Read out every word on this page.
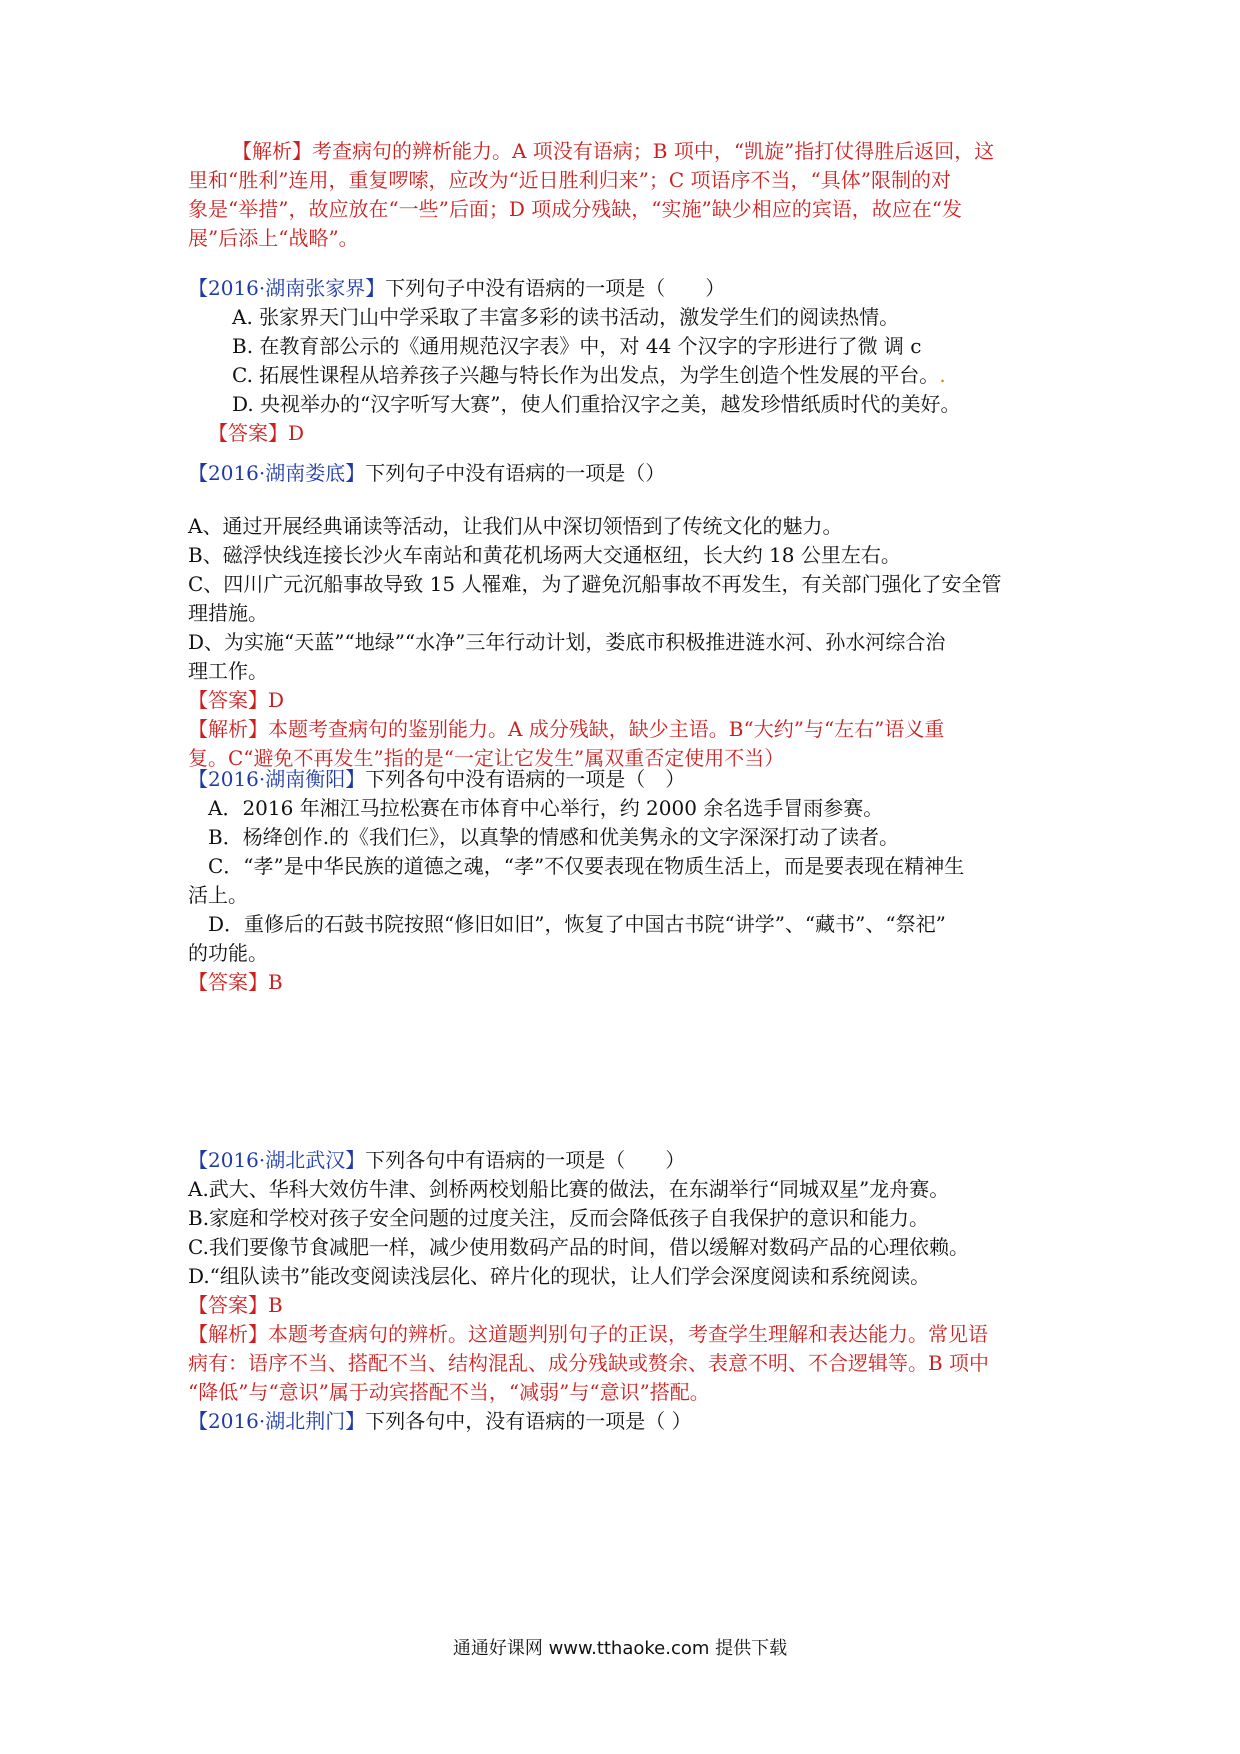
【解析】考查病句的辨析能力。A 项没有语病；B 项中，“凯旋”指打仗得胜后返回，这

里和“胜利”连用，重复啰嗦，应改为“近日胜利归来”；C 项语序不当，“具体”限制的对

象是“举措”，故应放在“一些”后面；D 项成分残缺，“实施”缺少相应的宾语，故应在“发

展”后添上“战略”。

【2016·湖南张家界】下列句子中没有语病的一项是（　　）

A. 张家界天门山中学采取了丰富多彩的读书活动，激发学生们的阅读热情。

B. 在教育部公示的《通用规范汉字表》中，对 44 个汉字的字形进行了微 调 c

C. 拓展性课程从培养孩子兴趣与特长作为出发点，为学生创造个性发展的平台。.

D. 央视举办的“汉字听写大赛”，使人们重拾汉字之美，越发珍惜纸质时代的美好。

【答案】D

【2016·湖南娄底】下列句子中没有语病的一项是（）

A、通过开展经典诵读等活动，让我们从中深切领悟到了传统文化的魅力。

B、磁浮快线连接长沙火车南站和黄花机场两大交通枢纽，长大约 18 公里左右。

C、四川广元沉船事故导致 15 人罹难，为了避免沉船事故不再发生，有关部门强化了安全管

理措施。

D、为实施“天蓝”“地绿”“水净”三年行动计划，娄底市积极推进涟水河、孙水河综合治

理工作。

【答案】D

【解析】本题考查病句的鉴别能力。A 成分残缺，缺少主语。B“大约”与“左右”语义重

复。C“避免不再发生”指的是“一定让它发生”属双重否定使用不当）

【2016·湖南衡阳】下列各句中没有语病的一项是（　）

A．2016 年湘江马拉松赛在市体育中心举行，约 2000 余名选手冒雨参赛。

B．杨绛创作.的《我们仨》，以真挚的情感和优美隽永的文字深深打动了读者。

C．“孝”是中华民族的道德之魂，“孝”不仅要表现在物质生活上，而是要表现在精神生

活上。

D．重修后的石鼓书院按照“修旧如旧”，恢复了中国古书院“讲学”、“藏书”、“祭祀”

的功能。

【答案】B

【2016·湖北武汉】下列各句中有语病的一项是（　　）

A.武大、华科大效仿牛津、剑桥两校划船比赛的做法，在东湖举行“同城双星”龙舟赛。

B.家庭和学校对孩子安全问题的过度关注，反而会降低孩子自我保护的意识和能力。

C.我们要像节食减肥一样，减少使用数码产品的时间，借以缓解对数码产品的心理依赖。

D.“组队读书”能改变阅读浅层化、碎片化的现状，让人们学会深度阅读和系统阅读。

【答案】B

【解析】本题考查病句的辨析。这道题判别句子的正误，考查学生理解和表达能力。常见语

病有：语序不当、搭配不当、结构混乱、成分残缺或赘余、表意不明、不合逻辑等。B 项中

“降低”与“意识”属于动宾搭配不当，“减弱”与“意识”搭配。

【2016·湖北荆门】下列各句中，没有语病的一项是（ ）

通通好课网 www.tthaoke.com 提供下载
